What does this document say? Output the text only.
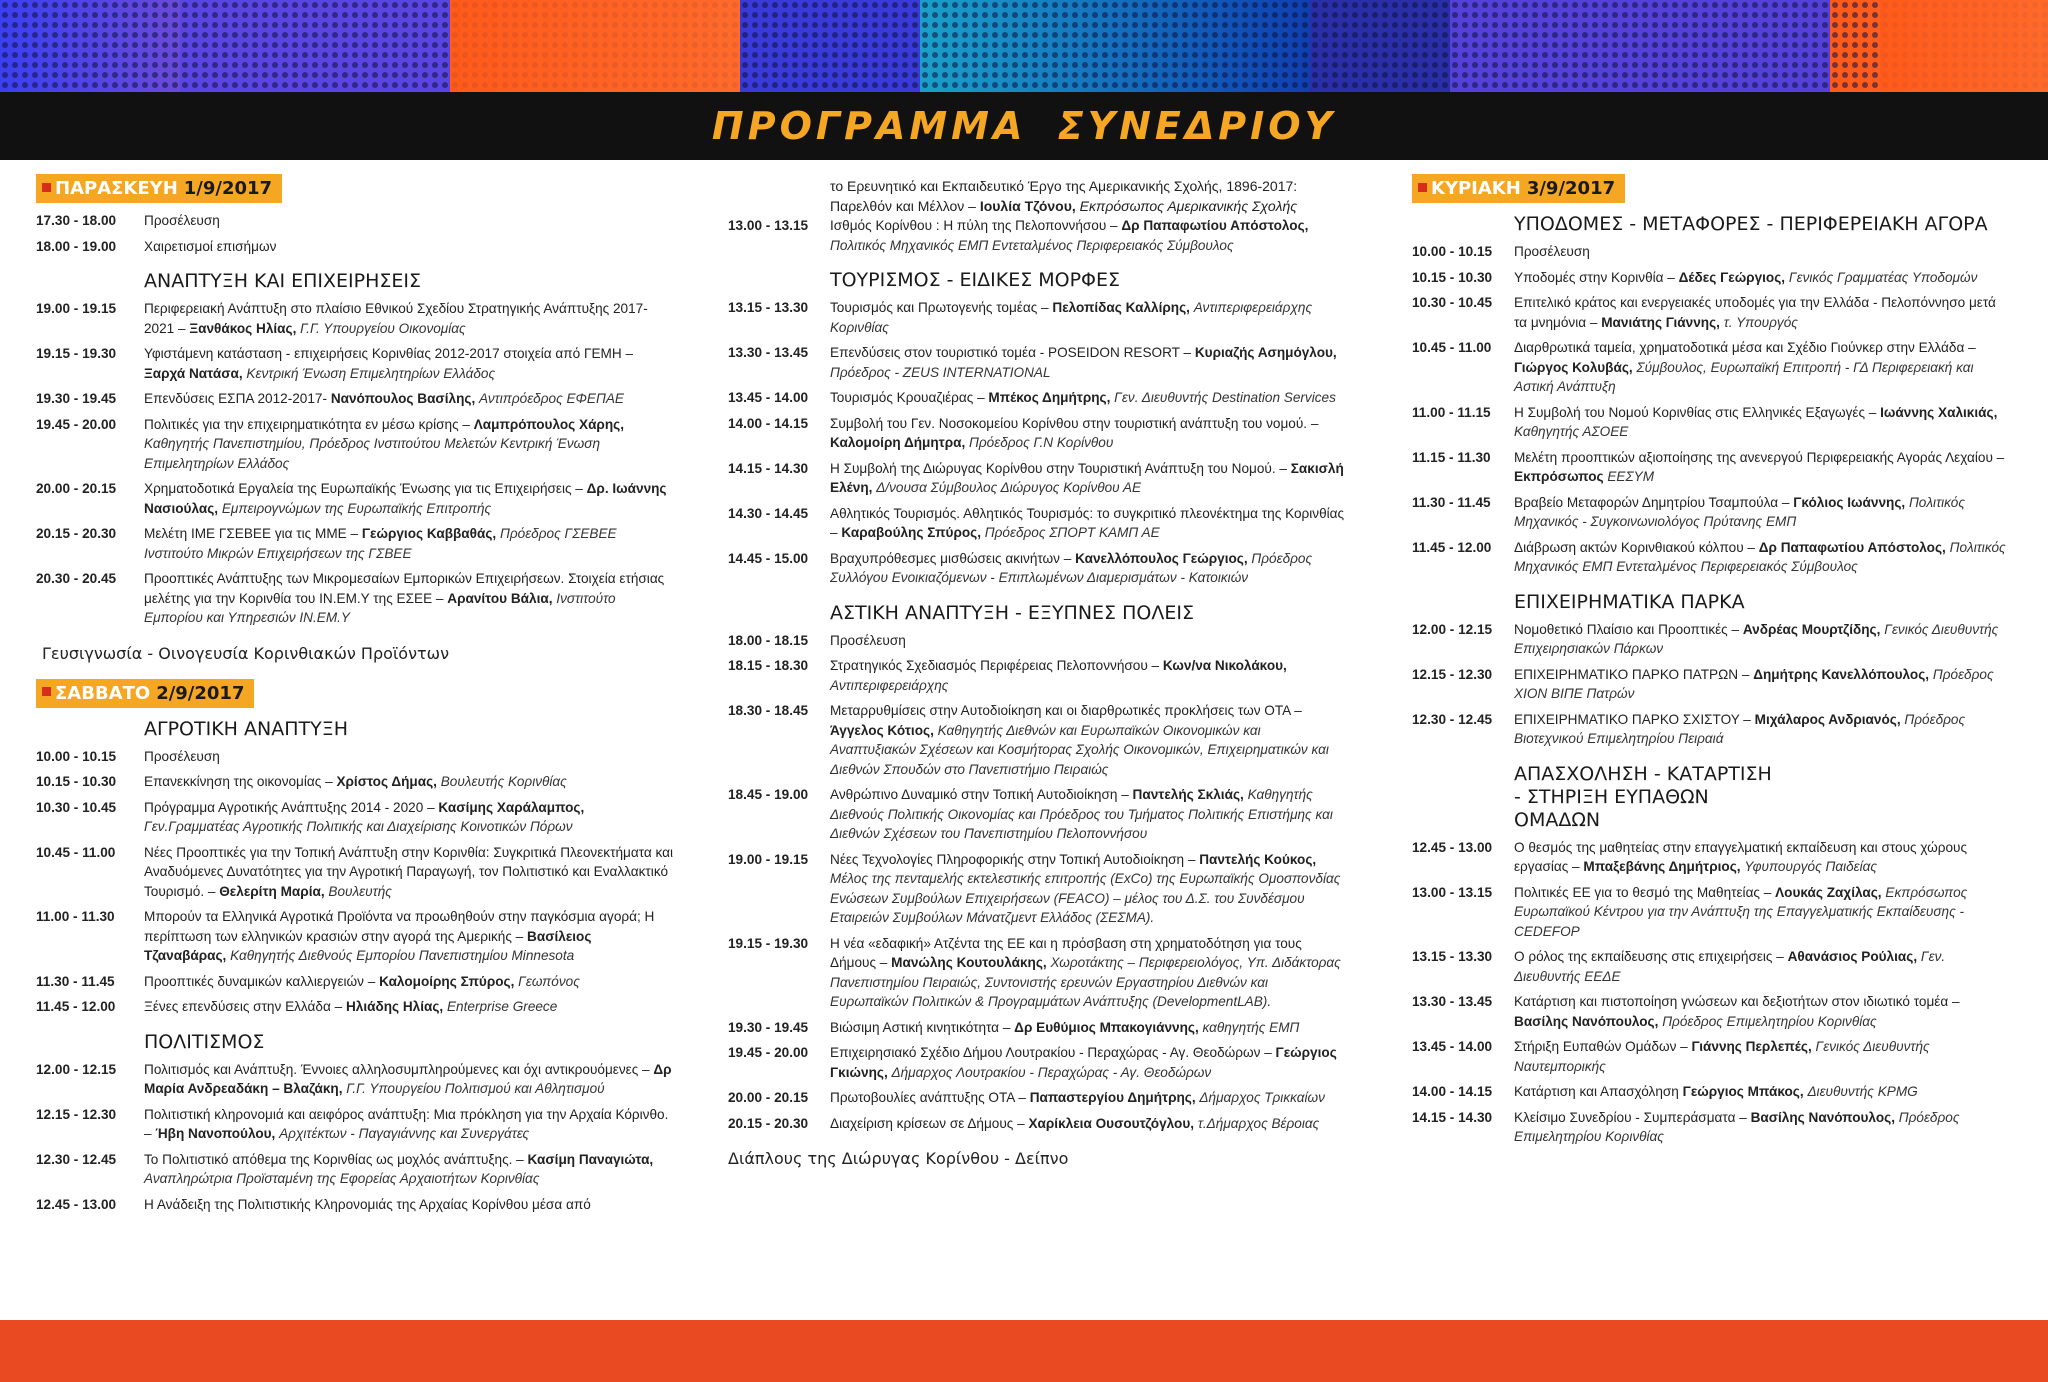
ΠΡΟΓΡΑΜΜΑ ΣΥΝΕΔΡΙΟΥ
ΠΑΡΑΣΚΕΥΗ 1/9/2017
17.30 - 18.00	Προσέλευση
18.00 - 19.00	Χαιρετισμοί επισήμων
ΑΝΑΠΤΥΞΗ ΚΑΙ ΕΠΙΧΕΙΡΗΣΕΙΣ
19.00 - 19.15	Περιφερειακή Ανάπτυξη στο πλαίσιο Εθνικού Σχεδίου Στρατηγικής Ανάπτυξης 2017-2021 – Ξανθάκος Ηλίας, Γ.Γ. Υπουργείου Οικονομίας
19.15 - 19.30	Υφιστάμενη κατάσταση - επιχειρήσεις Κορινθίας 2012-2017 στοιχεία από ΓΕΜΗ – Ξαρχά Νατάσα, Κεντρική Ένωση Επιμελητηρίων Ελλάδος
19.30 - 19.45	Επενδύσεις ΕΣΠΑ 2012-2017- Νανόπουλος Βασίλης, Αντιπρόεδρος ΕΦΕΠΑΕ
19.45 - 20.00	Πολιτικές για την επιχειρηματικότητα εν μέσω κρίσης – Λαμπρόπουλος Χάρης, Καθηγητής Πανεπιστημίου, Πρόεδρος Ινστιτούτου Μελετών Κεντρική Ένωση Επιμελητηρίων Ελλάδος
20.00 - 20.15	Χρηματοδοτικά Εργαλεία της Ευρωπαϊκής Ένωσης για τις Επιχειρήσεις – Δρ. Ιωάννης Νασιούλας, Εμπειρογνώμων της Ευρωπαϊκής Επιτροπής
20.15 - 20.30	Μελέτη ΙΜΕ ΓΣΕΒΕΕ για τις ΜΜΕ – Γεώργιος Καββαθάς, Πρόεδρος ΓΣΕΒΕΕ Ινστιτούτο Μικρών Επιχειρήσεων της ΓΣΒΕΕ
20.30 - 20.45	Προοπτικές Ανάπτυξης των Μικρομεσαίων Εμπορικών Επιχειρήσεων. Στοιχεία ετήσιας μελέτης για την Κορινθία του ΙΝ.ΕΜ.Υ της ΕΣΕΕ – Αρανίτου Βάλια, Ινστιτούτο Εμπορίου και Υπηρεσιών ΙΝ.ΕΜ.Υ
Γευσιγνωσία - Οινογευσία Κορινθιακών Προϊόντων
ΣΑΒΒΑΤΟ 2/9/2017
ΑΓΡΟΤΙΚΗ ΑΝΑΠΤΥΞΗ
10.00 - 10.15	Προσέλευση
10.15 - 10.30	Επανεκκίνηση της οικονομίας – Χρίστος Δήμας, Βουλευτής Κορινθίας
10.30 - 10.45	Πρόγραμμα Αγροτικής Ανάπτυξης 2014 - 2020 – Κασίμης Χαράλαμπος, Γεν.Γραμματέας Αγροτικής Πολιτικής και Διαχείρισης Κοινοτικών Πόρων
10.45 - 11.00	Νέες Προοπτικές για την Τοπική Ανάπτυξη στην Κορινθία: Συγκριτικά Πλεονεκτήματα και Αναδυόμενες Δυνατότητες για την Αγροτική Παραγωγή, τον Πολιτιστικό και Εναλλακτικό Τουρισμό. – Θελερίτη Μαρία, Βουλευτής
11.00 - 11.30	Μπορούν τα Ελληνικά Αγροτικά Προϊόντα να προωθηθούν στην παγκόσμια αγορά; Η περίπτωση των ελληνικών κρασιών στην αγορά της Αμερικής – Βασίλειος Τζαναβάρας, Καθηγητής Διεθνούς Εμπορίου Πανεπιστημίου Minnesota
11.30 - 11.45	Προοπτικές δυναμικών καλλιεργειών – Καλομοίρης Σπύρος, Γεωπόνος
11.45 - 12.00	Ξένες επενδύσεις στην Ελλάδα – Ηλιάδης Ηλίας, Enterprise Greece
ΠΟΛΙΤΙΣΜΟΣ
12.00 - 12.15	Πολιτισμός και Ανάπτυξη. Έννοιες αλληλοσυμπληρούμενες και όχι αντικρουόμενες – Δρ Μαρία Ανδρεαδάκη – Βλαζάκη, Γ.Γ. Υπουργείου Πολιτισμού και Αθλητισμού
12.15 - 12.30	Πολιτιστική κληρονομιά και αειφόρος ανάπτυξη: Μια πρόκληση για την Αρχαία Κόρινθο. – Ήβη Νανοπούλου, Αρχιτέκτων - Παγαγιάννης και Συνεργάτες
12.30 - 12.45	Το Πολιτιστικό απόθεμα της Κορινθίας ως μοχλός ανάπτυξης. – Κασίμη Παναγιώτα, Αναπληρώτρια Προϊσταμένη της Εφορείας Αρχαιοτήτων Κορινθίας
12.45 - 13.00	Η Ανάδειξη της Πολιτιστικής Κληρονομιάς της Αρχαίας Κορίνθου μέσα από
το Ερευνητικό και Εκπαιδευτικό Έργο της Αμερικανικής Σχολής, 1896-2017: Παρελθόν και Μέλλον – Ιουλία Τζόνου, Εκπρόσωπος Αμερικανικής Σχολής
13.00 - 13.15	Ισθμός Κορίνθου : Η πύλη της Πελοποννήσου – Δρ Παπαφωτίου Απόστολος, Πολιτικός Μηχανικός ΕΜΠ Εντεταλμένος Περιφερειακός Σύμβουλος
ΤΟΥΡΙΣΜΟΣ - ΕΙΔΙΚΕΣ ΜΟΡΦΕΣ
13.15 - 13.30	Τουρισμός και Πρωτογενής τομέας – Πελοπίδας Καλλίρης, Αντιπεριφερειάρχης Κορινθίας
13.30 - 13.45	Επενδύσεις στον τουριστικό τομέα - POSEIDON RESORT – Κυριαζής Ασημόγλου, Πρόεδρος - ZEUS INTERNATIONAL
13.45 - 14.00	Τουρισμός Κρουαζιέρας – Μπέκος Δημήτρης, Γεν. Διευθυντής Destination Services
14.00 - 14.15	Συμβολή του Γεν. Νοσοκομείου Κορίνθου στην τουριστική ανάπτυξη του νομού. – Καλομοίρη Δήμητρα, Πρόεδρος Γ.Ν Κορίνθου
14.15 - 14.30	Η Συμβολή της Διώρυγας Κορίνθου στην Τουριστική Ανάπτυξη του Νομού. – Σακισλή Ελένη, Δ/νουσα Σύμβουλος Διώρυγος Κορίνθου ΑΕ
14.30 - 14.45	Αθλητικός Τουρισμός. Αθλητικός Τουρισμός: το συγκριτικό πλεονέκτημα της Κορινθίας – Καραβούλης Σπύρος, Πρόεδρος ΣΠΟΡΤ ΚΑΜΠ ΑΕ
14.45 - 15.00	Βραχυπρόθεσμες μισθώσεις ακινήτων – Κανελλόπουλος Γεώργιος, Πρόεδρος Συλλόγου Ενοικιαζόμενων - Επιπλωμένων Διαμερισμάτων - Κατοικιών
ΑΣΤΙΚΗ ΑΝΑΠΤΥΞΗ - ΕΞΥΠΝΕΣ ΠΟΛΕΙΣ
18.00 - 18.15	Προσέλευση
18.15 - 18.30	Στρατηγικός Σχεδιασμός Περιφέρειας Πελοποννήσου – Κων/να Νικολάκου, Αντιπεριφερειάρχης
18.30 - 18.45	Μεταρρυθμίσεις στην Αυτοδιοίκηση και οι διαρθρωτικές προκλήσεις των ΟΤΑ – Άγγελος Κότιος, Καθηγητής Διεθνών και Ευρωπαϊκών Οικονομικών και Αναπτυξιακών Σχέσεων και Κοσμήτορας Σχολής Οικονομικών, Επιχειρηματικών και Διεθνών Σπουδών στο Πανεπιστήμιο Πειραιώς
18.45 - 19.00	Ανθρώπινο Δυναμικό στην Τοπική Αυτοδιοίκηση – Παντελής Σκλιάς, Καθηγητής Διεθνούς Πολιτικής Οικονομίας και Πρόεδρος του Τμήματος Πολιτικής Επιστήμης και Διεθνών Σχέσεων του Πανεπιστημίου Πελοποννήσου
19.00 - 19.15	Νέες Τεχνολογίες Πληροφορικής στην Τοπική Αυτοδιοίκηση – Παντελής Κούκος, Μέλος της πενταμελής εκτελεστικής επιτροπής (ExCo) της Ευρωπαϊκής Ομοσπονδίας Ενώσεων Συμβούλων Επιχειρήσεων (FEACO) – μέλος του Δ.Σ. του Συνδέσμου Εταιρειών Συμβούλων Μάνατζμεντ Ελλάδος (ΣΕΣΜΑ).
19.15 - 19.30	Η νέα «εδαφική» Ατζέντα της ΕΕ και η πρόσβαση στη χρηματοδότηση για τους Δήμους – Μανώλης Κουτουλάκης, Χωροτάκτης – Περιφερειολόγος, Υπ. Διδάκτορας Πανεπιστημίου Πειραιώς, Συντονιστής ερευνών Εργαστηρίου Διεθνών και Ευρωπαϊκών Πολιτικών & Προγραμμάτων Ανάπτυξης (DevelopmentLAB).
19.30 - 19.45	Βιώσιμη Αστική κινητικότητα – Δρ Ευθύμιος Μπακογιάννης, καθηγητής ΕΜΠ
19.45 - 20.00	Επιχειρησιακό Σχέδιο Δήμου Λουτρακίου - Περαχώρας - Αγ. Θεοδώρων – Γεώργιος Γκιώνης, Δήμαρχος Λουτρακίου - Περαχώρας - Αγ. Θεοδώρων
20.00 - 20.15	Πρωτοβουλίες ανάπτυξης ΟΤΑ – Παπαστεργίου Δημήτρης, Δήμαρχος Τρικκαίων
20.15 - 20.30	Διαχείριση κρίσεων σε Δήμους – Χαρίκλεια Ουσουτζόγλου, τ.Δήμαρχος Βέροιας
Διάπλους της Διώρυγας Κορίνθου - Δείπνο
ΚΥΡΙΑΚΗ 3/9/2017
ΥΠΟΔΟΜΕΣ - ΜΕΤΑΦΟΡΕΣ - ΠΕΡΙΦΕΡΕΙΑΚΗ ΑΓΟΡΑ
10.00 - 10.15	Προσέλευση
10.15 - 10.30	Υποδομές στην Κορινθία – Δέδες Γεώργιος, Γενικός Γραμματέας Υποδομών
10.30 - 10.45	Επιτελικό κράτος και ενεργειακές υποδομές για την Ελλάδα - Πελοπόννησο μετά τα μνημόνια – Μανιάτης Γιάννης, τ. Υπουργός
10.45 - 11.00	Διαρθρωτικά ταμεία, χρηματοδοτικά μέσα και Σχέδιο Γιούνκερ στην Ελλάδα – Γιώργος Κολυβάς, Σύμβουλος, Ευρωπαϊκή Επιτροπή - ΓΔ Περιφερειακή και Αστική Ανάπτυξη
11.00 - 11.15	Η Συμβολή του Νομού Κορινθίας στις Ελληνικές Εξαγωγές – Ιωάννης Χαλικιάς, Καθηγητής ΑΣΟΕΕ
11.15 - 11.30	Μελέτη προοπτικών αξιοποίησης της ανενεργού Περιφερειακής Αγοράς Λεχαίου – Εκπρόσωπος ΕΕΣΥΜ
11.30 - 11.45	Βραβείο Μεταφορών Δημητρίου Τσαμπούλα – Γκόλιος Ιωάννης, Πολιτικός Μηχανικός - Συγκοινωνιολόγος Πρύτανης ΕΜΠ
11.45 - 12.00	Διάβρωση ακτών Κορινθιακού κόλπου – Δρ Παπαφωτίου Απόστολος, Πολιτικός Μηχανικός ΕΜΠ Εντεταλμένος Περιφερειακός Σύμβουλος
ΕΠΙΧΕΙΡΗΜΑΤΙΚΑ ΠΑΡΚΑ
12.00 - 12.15	Νομοθετικό Πλαίσιο και Προοπτικές – Ανδρέας Μουρτζίδης, Γενικός Διευθυντής Επιχειρησιακών Πάρκων
12.15 - 12.30	ΕΠΙΧΕΙΡΗΜΑΤΙΚΟ ΠΑΡΚΟ ΠΑΤΡΩΝ – Δημήτρης Κανελλόπουλος, Πρόεδρος ΧΙΟΝ ΒΙΠΕ Πατρών
12.30 - 12.45	ΕΠΙΧΕΙΡΗΜΑΤΙΚΟ ΠΑΡΚΟ ΣΧΙΣΤΟΥ – Μιχάλαρος Ανδριανός, Πρόεδρος Βιοτεχνικού Επιμελητηρίου Πειραιά
ΑΠΑΣΧΟΛΗΣΗ - ΚΑΤΑΡΤΙΣΗ - ΣΤΗΡΙΞΗ ΕΥΠΑΘΩΝ ΟΜΑΔΩΝ
12.45 - 13.00	Ο θεσμός της μαθητείας στην επαγγελματική εκπαίδευση και στους χώρους εργασίας – Μπαξεβάνης Δημήτριος, Υφυπουργός Παιδείας
13.00 - 13.15	Πολιτικές ΕΕ για το θεσμό της Μαθητείας – Λουκάς Ζαχίλας, Εκπρόσωπος Ευρωπαϊκού Κέντρου για την Ανάπτυξη της Επαγγελματικής Εκπαίδευσης - CEDEFOP
13.15 - 13.30	Ο ρόλος της εκπαίδευσης στις επιχειρήσεις – Αθανάσιος Ρούλιας, Γεν. Διευθυντής ΕΕΔΕ
13.30 - 13.45	Κατάρτιση και πιστοποίηση γνώσεων και δεξιοτήτων στον ιδιωτικό τομέα – Βασίλης Νανόπουλος, Πρόεδρος Επιμελητηρίου Κορινθίας
13.45 - 14.00	Στήριξη Ευπαθών Ομάδων – Γιάννης Περλεπές, Γενικός Διευθυντής Ναυτεμπορικής
14.00 - 14.15	Κατάρτιση και Απασχόληση Γεώργιος Μπάκος, Διευθυντής KPMG
14.15 - 14.30	Κλείσιμο Συνεδρίου - Συμπεράσματα – Βασίλης Νανόπουλος, Πρόεδρος Επιμελητηρίου Κορινθίας
